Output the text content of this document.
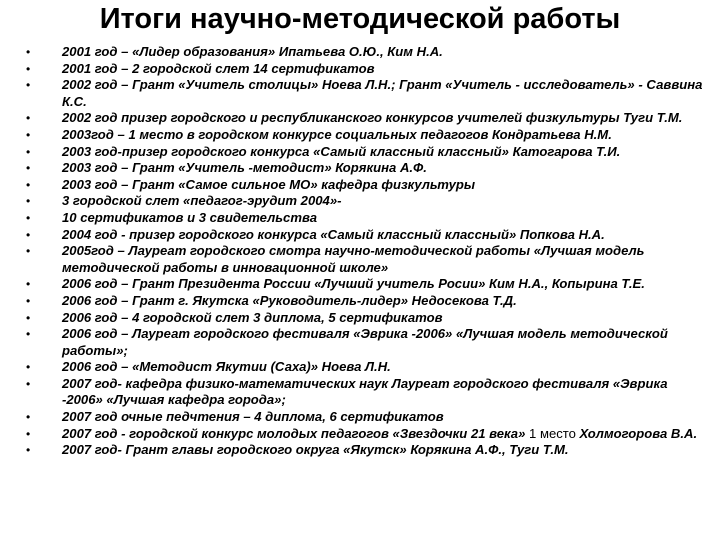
Итоги научно-методической работы
• 2001 год – «Лидер образования» Ипатьева О.Ю., Ким Н.А.
• 2001 год – 2 городской слет 14 сертификатов
• 2002 год – Грант «Учитель столицы» Ноева Л.Н.; Грант «Учитель - исследователь» - Саввина К.С.
• 2002 год призер городского и республиканского конкурсов учителей физкультуры Туги Т.М.
• 2003год – 1 место в городском конкурсе социальных педагогов Кондратьева Н.М.
• 2003 год-призер городского конкурса «Самый классный классный» Катогарова Т.И.
• 2003 год – Грант «Учитель -методист» Корякина А.Ф.
• 2003 год – Грант «Самое сильное МО» кафедра физкультуры
• 3 городской слет «педагог-эрудит 2004»-
• 10 сертификатов и 3 свидетельства
• 2004 год - призер городского конкурса «Самый классный классный» Попкова Н.А.
• 2005год – Лауреат городского смотра научно-методической работы «Лучшая модель методической работы в инновационной школе»
• 2006 год – Грант Президента России «Лучший учитель Росии» Ким Н.А., Копырина Т.Е.
• 2006 год – Грант г. Якутска «Руководитель-лидер» Недосекова Т.Д.
• 2006 год – 4 городской слет 3 диплома, 5 сертификатов
• 2006 год – Лауреат городского фестиваля «Эврика -2006» «Лучшая модель методической работы»;
• 2006 год – «Методист Якутии (Саха)» Ноева Л.Н.
• 2007 год- кафедра физико-математических наук Лауреат городского фестиваля «Эврика -2006» «Лучшая кафедра города»;
• 2007 год очные педчтения – 4 диплома, 6 сертификатов
• 2007 год - городской конкурс молодых педагогов «Звездочки 21 века» 1 место Холмогорова В.А.
• 2007 год- Грант главы городского округа «Якутск» Корякина А.Ф., Туги Т.М.
